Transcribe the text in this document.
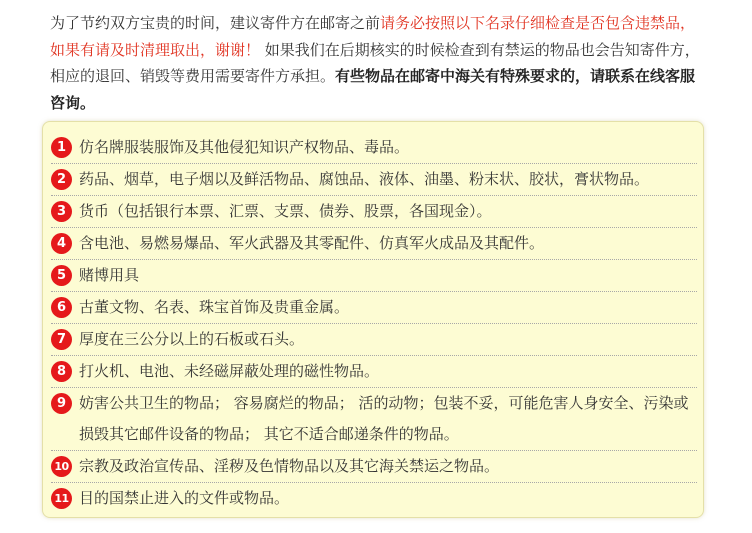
为了节约双方宝贵的时间，建议寄件方在邮寄之前请务必按照以下名录仔细检查是否包含违禁品，如果有请及时清理取出，谢谢！ 如果我们在后期核实的时候检查到有禁运的物品也会告知寄件方，相应的退回、销毁等费用需要寄件方承担。有些物品在邮寄中海关有特殊要求的，请联系在线客服咨询。
1 仿名牌服装服饰及其他侵犯知识产权物品、毒品。
2 药品、烟草，电子烟以及鲜活物品、腐蚀品、液体、油墨、粉末状、胶状，膏状物品。
3 货币（包括银行本票、汇票、支票、债券、股票，各国现金）。
4 含电池、易燃易爆品、军火武器及其零配件、仿真军火成品及其配件。
5 赌博用具
6 古董文物、名表、珠宝首饰及贵重金属。
7 厚度在三公分以上的石板或石头。
8 打火机、电池、未经磁屏蔽处理的磁性物品。
9 妨害公共卫生的物品； 容易腐烂的物品； 活的动物；包装不妥，可能危害人身安全、污染或损毁其它邮件设备的物品； 其它不适合邮递条件的物品。
10 宗教及政治宣传品、淫秽及色情物品以及其它海关禁运之物品。
11 目的国禁止进入的文件或物品。
